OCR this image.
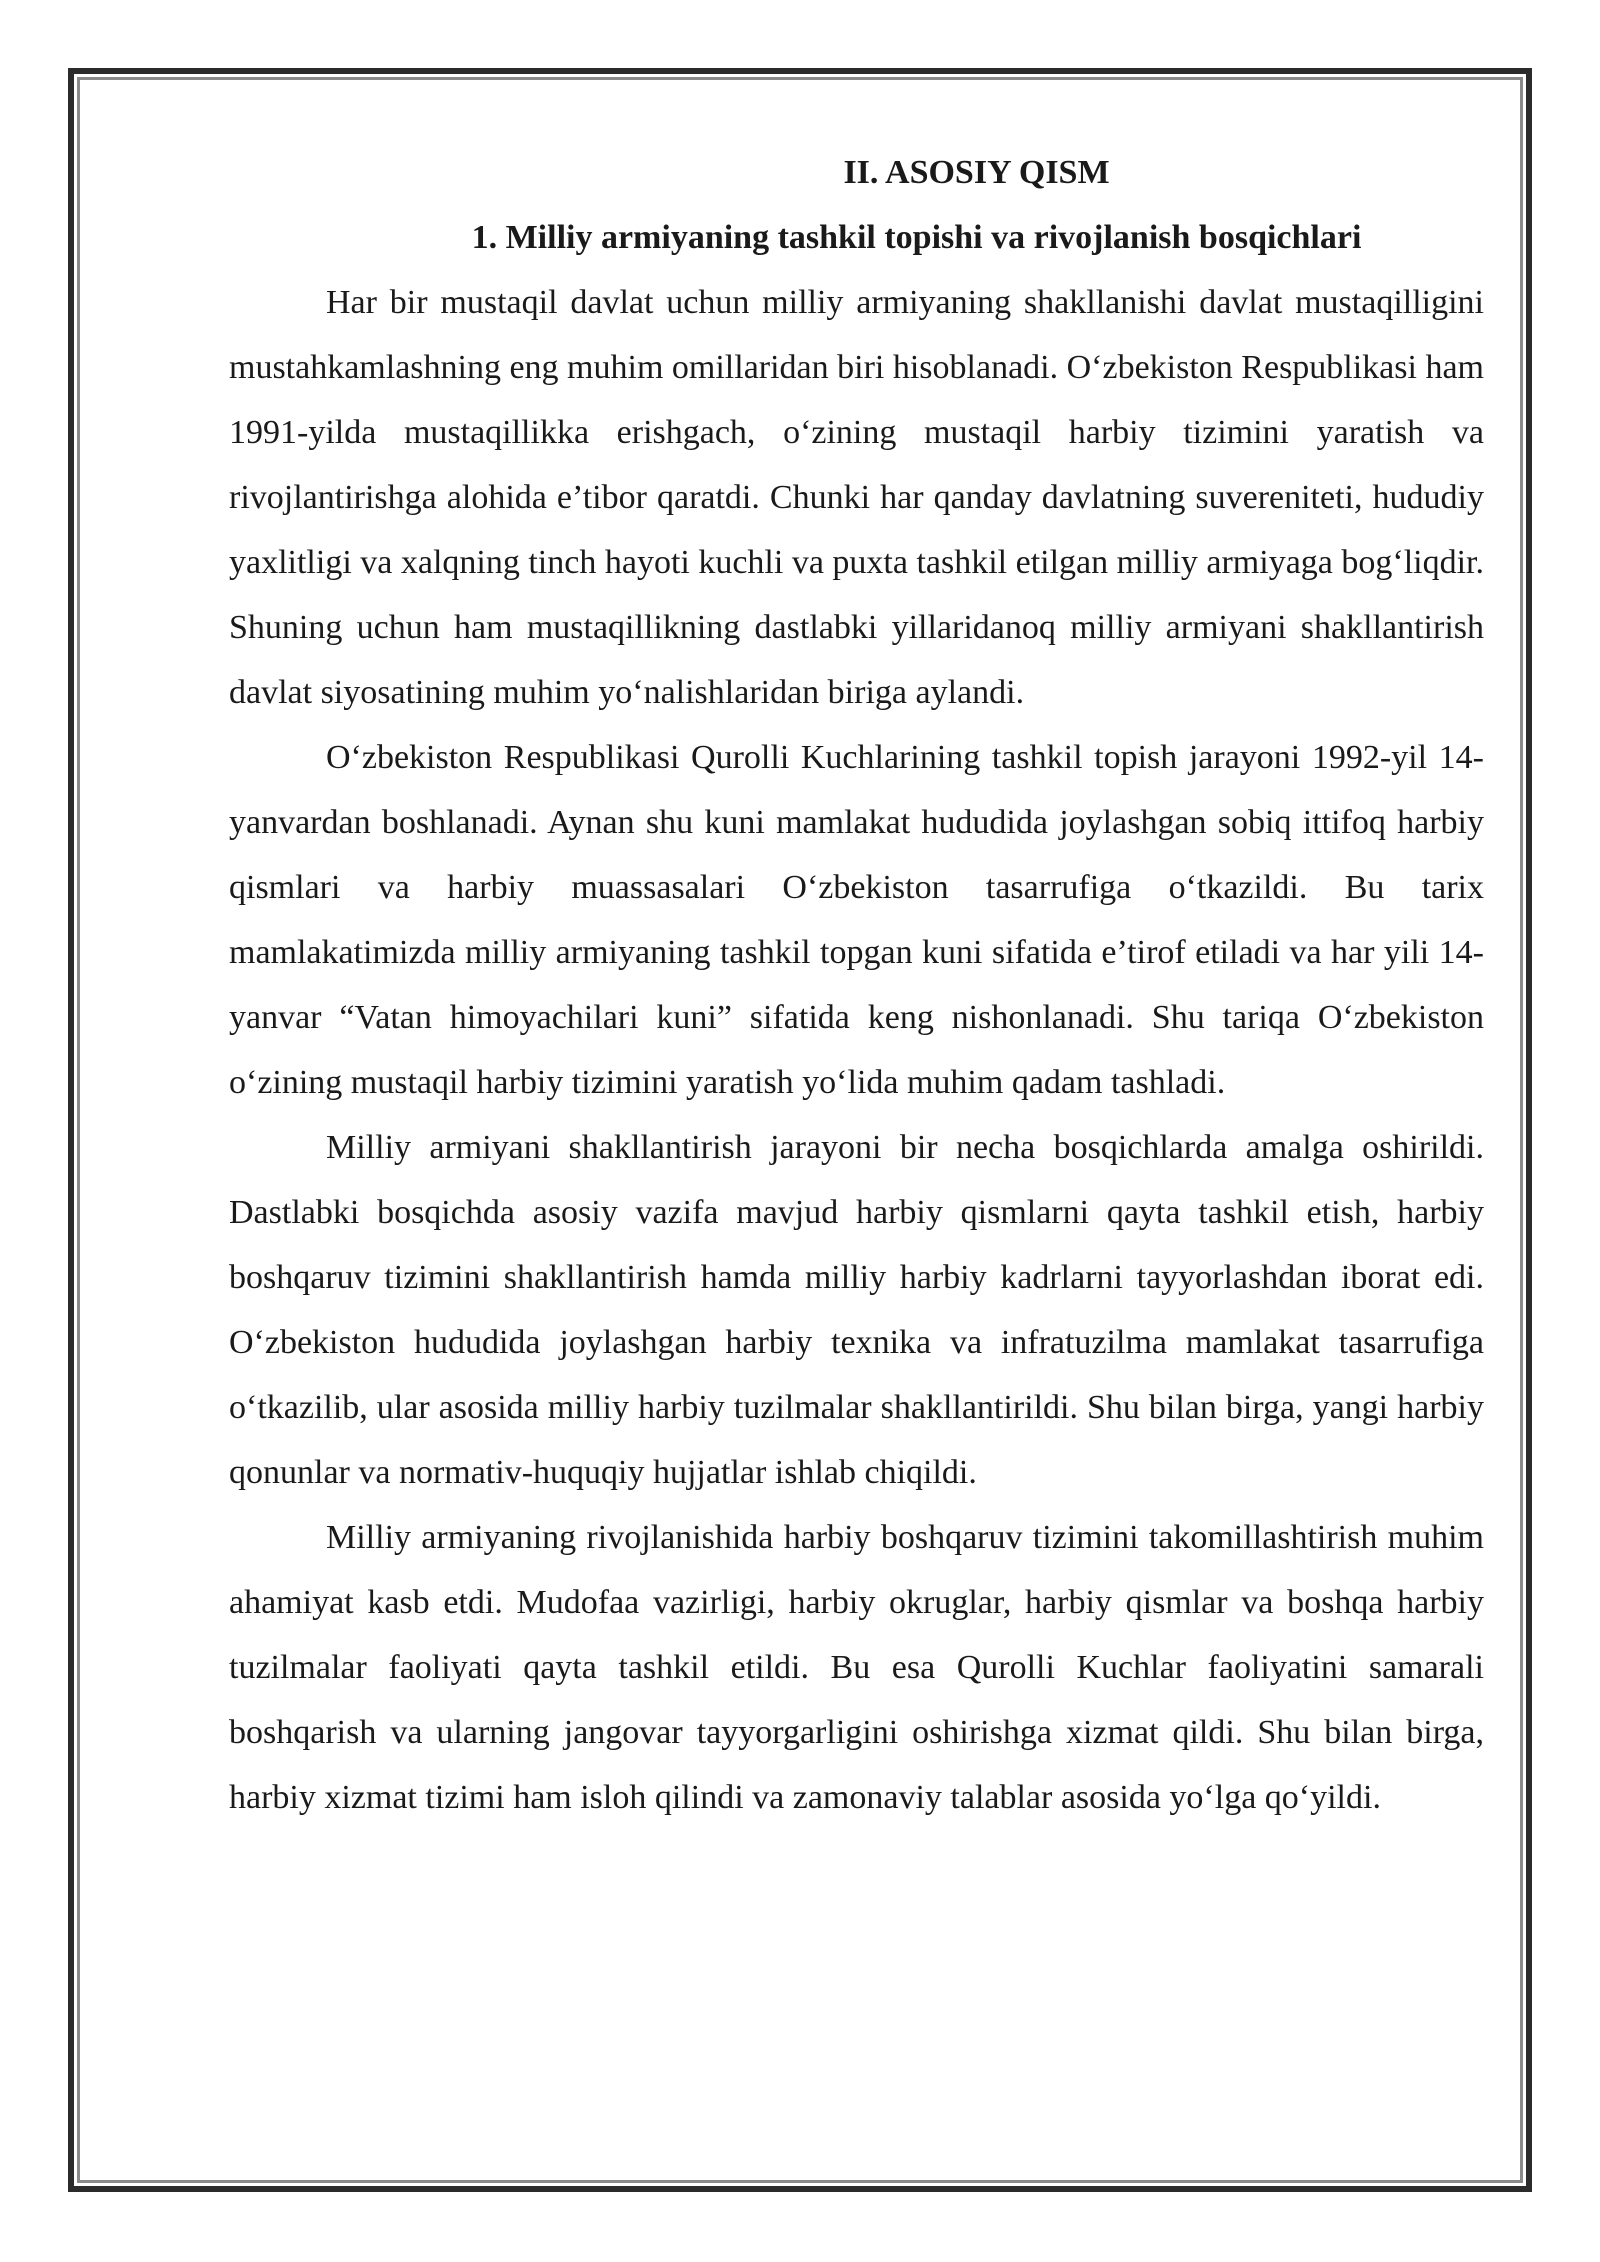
II. ASOSIY QISM
1. Milliy armiyaning tashkil topishi va rivojlanish bosqichlari

Har bir mustaqil davlat uchun milliy armiyaning shakllanishi davlat mustaqilligini mustahkamlashning eng muhim omillaridan biri hisoblanadi. O‘zbekiston Respublikasi ham 1991-yilda mustaqillikka erishgach, o‘zining mustaqil harbiy tizimini yaratish va rivojlantirishga alohida e’tibor qaratdi. Chunki har qanday davlatning suvereniteti, hududiy yaxlitligi va xalqning tinch hayoti kuchli va puxta tashkil etilgan milliy armiyaga bog‘liqdir. Shuning uchun ham mustaqillikning dastlabki yillaridanoq milliy armiyani shakllantirish davlat siyosatining muhim yo‘nalishlaridan biriga aylandi.

O‘zbekiston Respublikasi Qurolli Kuchlarining tashkil topish jarayoni 1992-yil 14-yanvardan boshlanadi. Aynan shu kuni mamlakat hududida joylashgan sobiq ittifoq harbiy qismlari va harbiy muassasalari O‘zbekiston tasarrufiga o‘tkazildi. Bu tarix mamlakatimizda milliy armiyaning tashkil topgan kuni sifatida e’tirof etiladi va har yili 14-yanvar “Vatan himoyachilari kuni” sifatida keng nishonlanadi. Shu tariqa O‘zbekiston o‘zining mustaqil harbiy tizimini yaratish yo‘lida muhim qadam tashladi.

Milliy armiyani shakllantirish jarayoni bir necha bosqichlarda amalga oshirildi. Dastlabki bosqichda asosiy vazifa mavjud harbiy qismlarni qayta tashkil etish, harbiy boshqaruv tizimini shakllantirish hamda milliy harbiy kadrlarni tayyorlashdan iborat edi. O‘zbekiston hududida joylashgan harbiy texnika va infratuzilma mamlakat tasarrufiga o‘tkazilib, ular asosida milliy harbiy tuzilmalar shakllantirildi. Shu bilan birga, yangi harbiy qonunlar va normativ-huquqiy hujjatlar ishlab chiqildi.

Milliy armiyaning rivojlanishida harbiy boshqaruv tizimini takomillashtirish muhim ahamiyat kasb etdi. Mudofaa vazirligi, harbiy okruglar, harbiy qismlar va boshqa harbiy tuzilmalar faoliyati qayta tashkil etildi. Bu esa Qurolli Kuchlar faoliyatini samarali boshqarish va ularning jangovar tayyorgarligini oshirishga xizmat qildi. Shu bilan birga, harbiy xizmat tizimi ham isloh qilindi va zamonaviy talablar asosida yo‘lga qo‘yildi.
